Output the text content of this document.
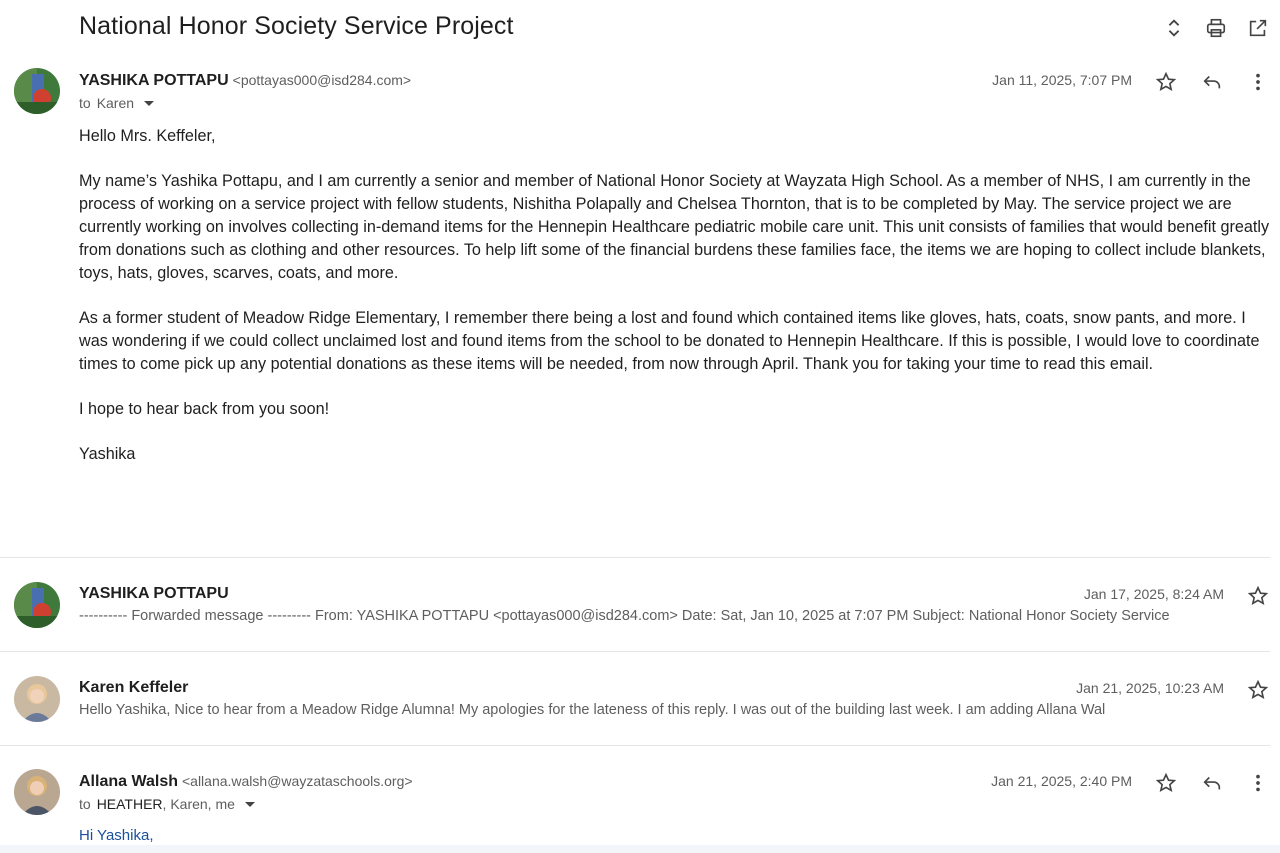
National Honor Society Service Project
YASHIKA POTTAPU <pottayas000@isd284.com>
to Karen
Jan 11, 2025, 7:07 PM

Hello Mrs. Keffeler,

My name’s Yashika Pottapu, and I am currently a senior and member of National Honor Society at Wayzata High School. As a member of NHS, I am currently in the process of working on a service project with fellow students, Nishitha Polapally and Chelsea Thornton, that is to be completed by May. The service project we are currently working on involves collecting in-demand items for the Hennepin Healthcare pediatric mobile care unit. This unit consists of families that would benefit greatly from donations such as clothing and other resources. To help lift some of the financial burdens these families face, the items we are hoping to collect include blankets, toys, hats, gloves, scarves, coats, and more.

As a former student of Meadow Ridge Elementary, I remember there being a lost and found which contained items like gloves, hats, coats, snow pants, and more. I was wondering if we could collect unclaimed lost and found items from the school to be donated to Hennepin Healthcare. If this is possible, I would love to coordinate times to come pick up any potential donations as these items will be needed, from now through April. Thank you for taking your time to read this email.

I hope to hear back from you soon!

Yashika

YASHIKA POTTAPU	Jan 17, 2025, 8:24 AM
---------- Forwarded message --------- From: YASHIKA POTTAPU <pottayas000@isd284.com> Date: Sat, Jan 10, 2025 at 7:07 PM Subject: National Honor Society Service
Karen Keffeler	Jan 21, 2025, 10:23 AM
Hello Yashika, Nice to hear from a Meadow Ridge Alumna! My apologies for the lateness of this reply. I was out of the building last week. I am adding Allana Wal
Allana Walsh <allana.walsh@wayzataschools.org>
to HEATHER, Karen, me
Jan 21, 2025, 2:40 PM
Hi Yashika,
